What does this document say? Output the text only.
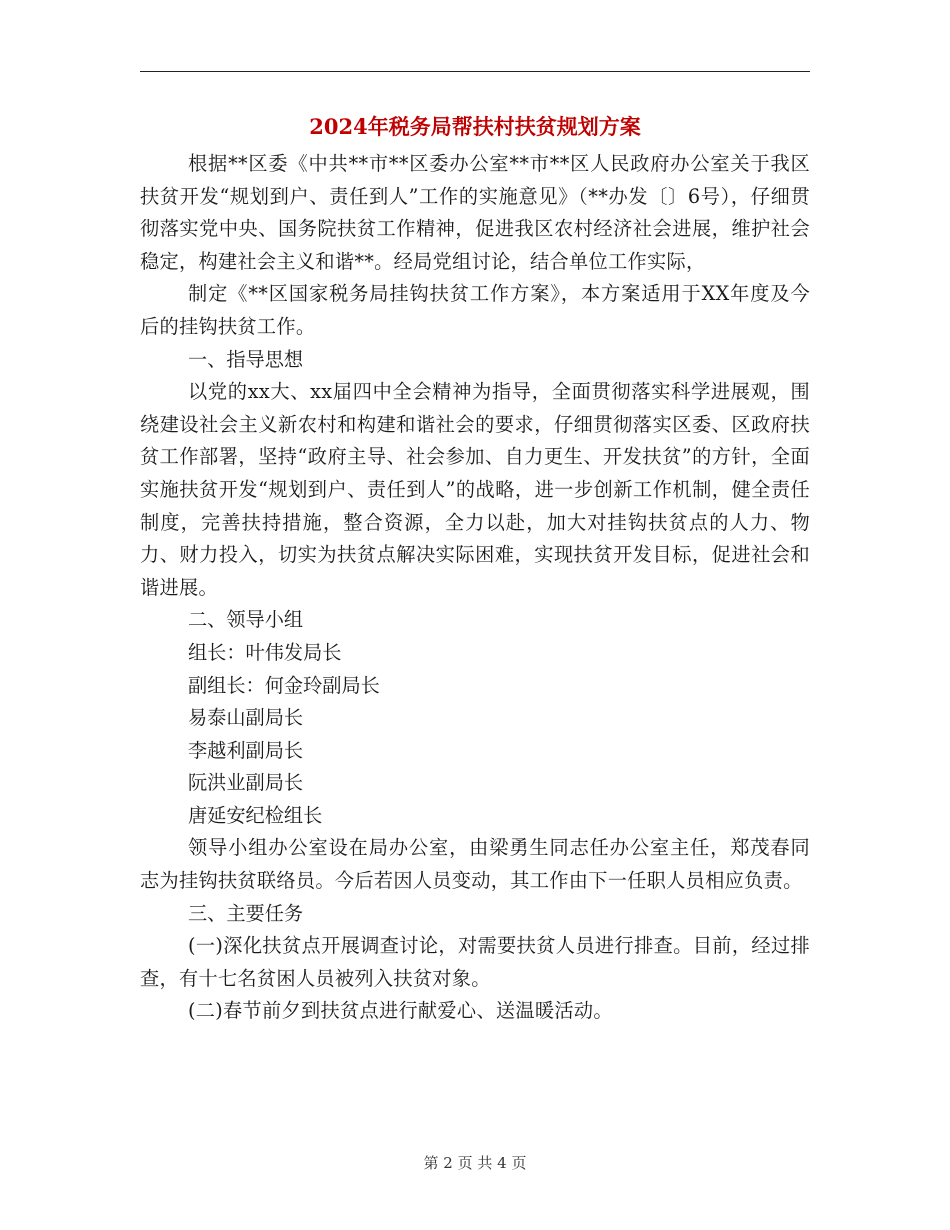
2024年税务局帮扶村扶贫规划方案

根据**区委《中共**市**区委办公室**市**区人民政府办公室关于我区扶贫开发“规划到户、责任到人”工作的实施意见》（**办发〔〕6号），仔细贯彻落实党中央、国务院扶贫工作精神，促进我区农村经济社会进展，维护社会稳定，构建社会主义和谐**。经局党组讨论，结合单位工作实际，

制定《**区国家税务局挂钩扶贫工作方案》，本方案适用于XX年度及今后的挂钩扶贫工作。

一、指导思想

以党的xx大、xx届四中全会精神为指导，全面贯彻落实科学进展观，围绕建设社会主义新农村和构建和谐社会的要求，仔细贯彻落实区委、区政府扶贫工作部署，坚持“政府主导、社会参加、自力更生、开发扶贫”的方针，全面实施扶贫开发“规划到户、责任到人”的战略，进一步创新工作机制，健全责任制度，完善扶持措施，整合资源，全力以赴，加大对挂钩扶贫点的人力、物力、财力投入，切实为扶贫点解决实际困难，实现扶贫开发目标，促进社会和谐进展。

二、领导小组

组长：叶伟发局长

副组长：何金玲副局长

易泰山副局长

李越利副局长

阮洪业副局长

唐延安纪检组长

领导小组办公室设在局办公室，由梁勇生同志任办公室主任，郑茂春同志为挂钩扶贫联络员。今后若因人员变动，其工作由下一任职人员相应负责。

三、主要任务

(一)深化扶贫点开展调查讨论，对需要扶贫人员进行排查。目前，经过排查，有十七名贫困人员被列入扶贫对象。

(二)春节前夕到扶贫点进行献爱心、送温暖活动。

第 2 页 共 4 页
